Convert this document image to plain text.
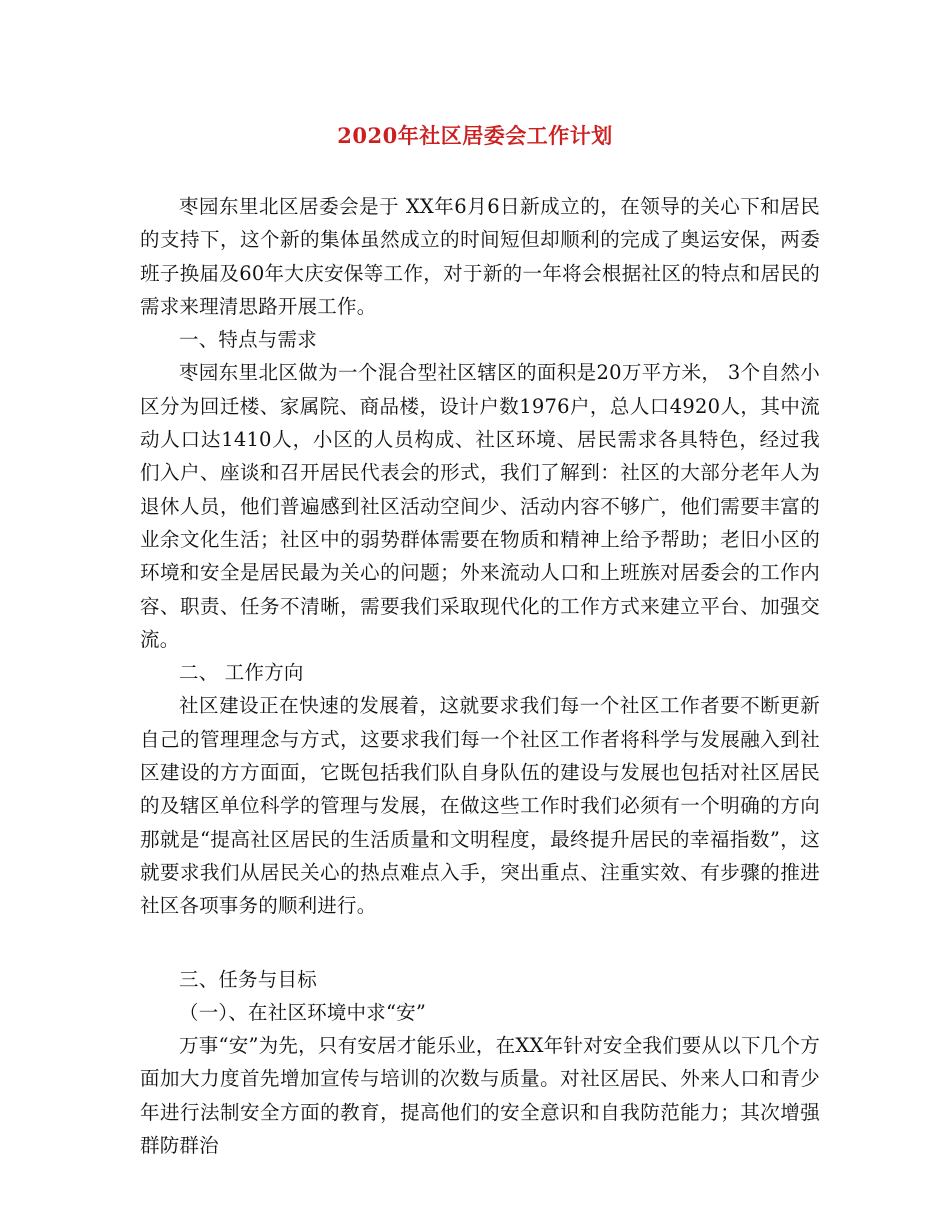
2020年社区居委会工作计划

枣园东里北区居委会是于 XX年6月6日新成立的，在领导的关心下和居民的支持下，这个新的集体虽然成立的时间短但却顺利的完成了奥运安保，两委班子换届及60年大庆安保等工作，对于新的一年将会根据社区的特点和居民的需求来理清思路开展工作。

一、特点与需求

枣园东里北区做为一个混合型社区辖区的面积是20万平方米， 3个自然小区分为回迁楼、家属院、商品楼，设计户数1976户，总人口4920人，其中流动人口达1410人，小区的人员构成、社区环境、居民需求各具特色，经过我们入户、座谈和召开居民代表会的形式，我们了解到：社区的大部分老年人为退休人员，他们普遍感到社区活动空间少、活动内容不够广，他们需要丰富的业余文化生活；社区中的弱势群体需要在物质和精神上给予帮助；老旧小区的环境和安全是居民最为关心的问题；外来流动人口和上班族对居委会的工作内容、职责、任务不清晰，需要我们采取现代化的工作方式来建立平台、加强交流。

二、 工作方向

社区建设正在快速的发展着，这就要求我们每一个社区工作者要不断更新自己的管理理念与方式，这要求我们每一个社区工作者将科学与发展融入到社区建设的方方面面，它既包括我们队自身队伍的建设与发展也包括对社区居民的及辖区单位科学的管理与发展，在做这些工作时我们必须有一个明确的方向那就是“提高社区居民的生活质量和文明程度，最终提升居民的幸福指数”，这就要求我们从居民关心的热点难点入手，突出重点、注重实效、有步骤的推进社区各项事务的顺利进行。

三、任务与目标

（一）、在社区环境中求“安”

万事“安”为先，只有安居才能乐业，在XX年针对安全我们要从以下几个方面加大力度首先增加宣传与培训的次数与质量。对社区居民、外来人口和青少年进行法制安全方面的教育，提高他们的安全意识和自我防范能力；其次增强群防群治
